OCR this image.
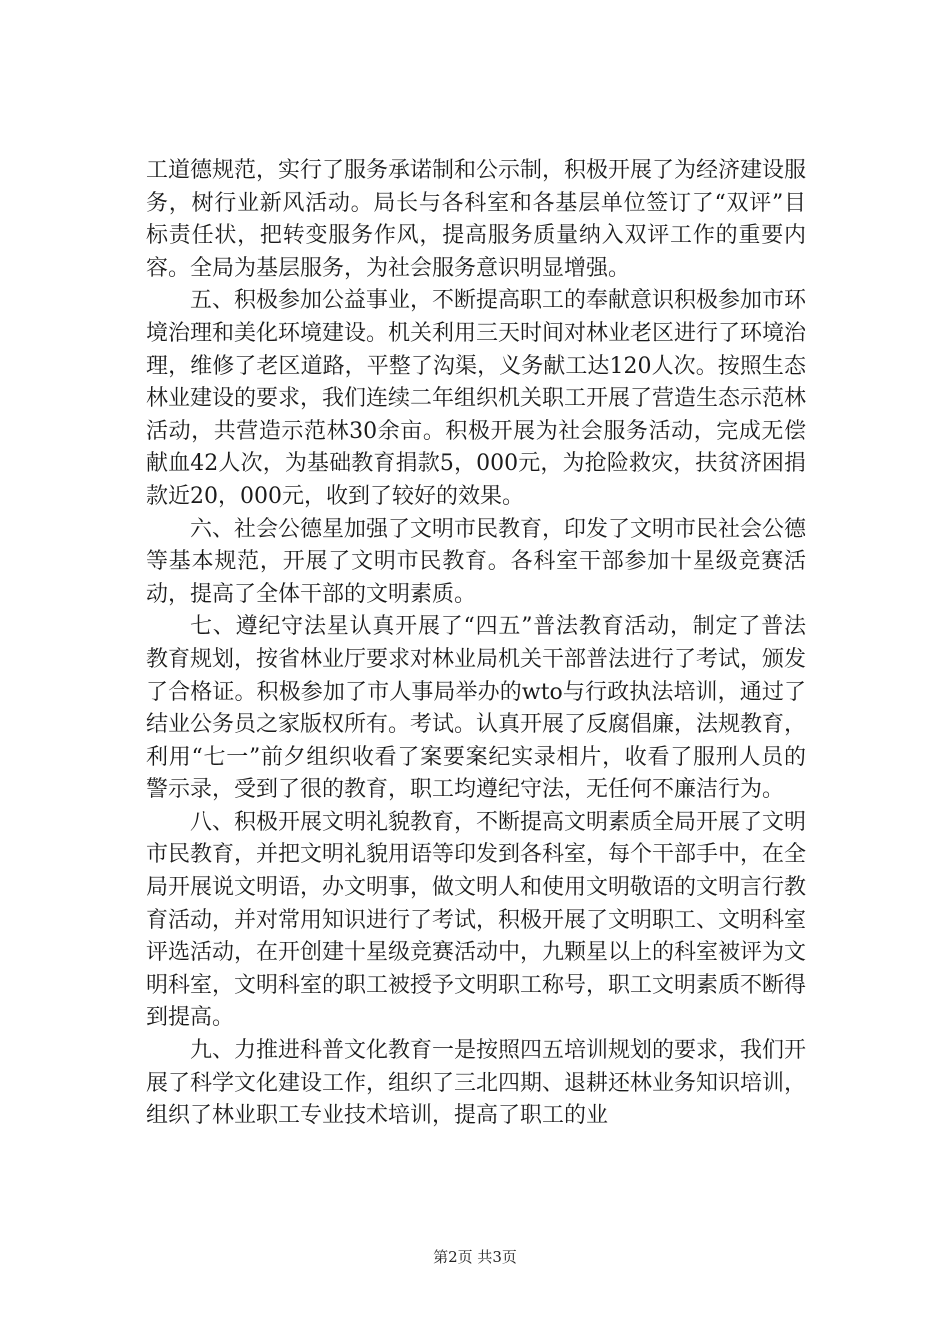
工道德规范，实行了服务承诺制和公示制，积极开展了为经济建设服务，树行业新风活动。局长与各科室和各基层单位签订了“双评”目标责任状，把转变服务作风，提高服务质量纳入双评工作的重要内容。全局为基层服务，为社会服务意识明显增强。

五、积极参加公益事业，不断提高职工的奉献意识积极参加市环境治理和美化环境建设。机关利用三天时间对林业老区进行了环境治理，维修了老区道路，平整了沟渠，义务献工达120人次。按照生态林业建设的要求，我们连续二年组织机关职工开展了营造生态示范林活动，共营造示范林30余亩。积极开展为社会服务活动，完成无偿献血42人次，为基础教育捐款5，000元，为抢险救灾，扶贫济困捐款近20，000元，收到了较好的效果。

六、社会公德星加强了文明市民教育，印发了文明市民社会公德等基本规范，开展了文明市民教育。各科室干部参加十星级竞赛活动，提高了全体干部的文明素质。

七、遵纪守法星认真开展了“四五”普法教育活动，制定了普法教育规划，按省林业厅要求对林业局机关干部普法进行了考试，颁发了合格证。积极参加了市人事局举办的wto与行政执法培训，通过了结业公务员之家版权所有。考试。认真开展了反腐倡廉，法规教育，利用“七一”前夕组织收看了案要案纪实录相片，收看了服刑人员的警示录，受到了很的教育，职工均遵纪守法，无任何不廉洁行为。

八、积极开展文明礼貌教育，不断提高文明素质全局开展了文明市民教育，并把文明礼貌用语等印发到各科室，每个干部手中，在全局开展说文明语，办文明事，做文明人和使用文明敬语的文明言行教育活动，并对常用知识进行了考试，积极开展了文明职工、文明科室评选活动，在开创建十星级竞赛活动中，九颗星以上的科室被评为文明科室，文明科室的职工被授予文明职工称号，职工文明素质不断得到提高。

九、力推进科普文化教育一是按照四五培训规划的要求，我们开展了科学文化建设工作，组织了三北四期、退耕还林业务知识培训，组织了林业职工专业技术培训，提高了职工的业

第2页 共3页
